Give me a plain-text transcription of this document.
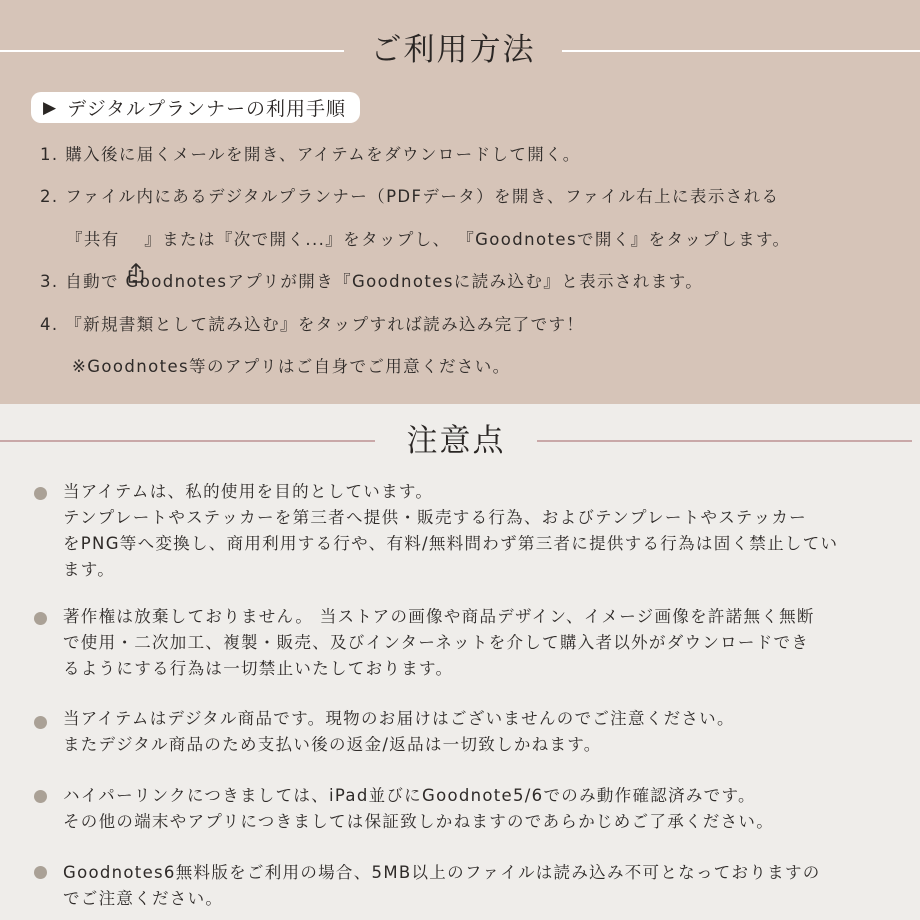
ご利用方法
▶ デジタルプランナーの利用手順
1. 購入後に届くメールを開き、アイテムをダウンロードして開く。
2. ファイル内にあるデジタルプランナー（PDFデータ）を開き、ファイル右上に表示される
『共有　 』または『次で開く...』をタップし、 『Goodnotesで開く』をタップします。
3. 自動で Goodnotesアプリが開き『Goodnotesに読み込む』と表示されます。
4. 『新規書類として読み込む』をタップすれば読み込み完了です！
※Goodnotes等のアプリはご自身でご用意ください。
注意点
当アイテムは、私的使用を目的としています。
テンプレートやステッカーを第三者へ提供・販売する行為、およびテンプレートやステッカー
をPNG等へ変換し、商用利用する行や、有料/無料問わず第三者に提供する行為は固く禁止してい
ます。
著作権は放棄しておりません。 当ストアの画像や商品デザイン、イメージ画像を許諾無く無断
で使用・二次加工、複製・販売、及びインターネットを介して購入者以外がダウンロードでき
るようにする行為は一切禁止いたしております。
当アイテムはデジタル商品です。現物のお届けはございませんのでご注意ください。
またデジタル商品のため支払い後の返金/返品は一切致しかねます。
ハイパーリンクにつきましては、iPad並びにGoodnote5/6でのみ動作確認済みです。
その他の端末やアプリにつきましては保証致しかねますのであらかじめご了承ください。
Goodnotes6無料版をご利用の場合、5MB以上のファイルは読み込み不可となっておりますの
でご注意ください。
